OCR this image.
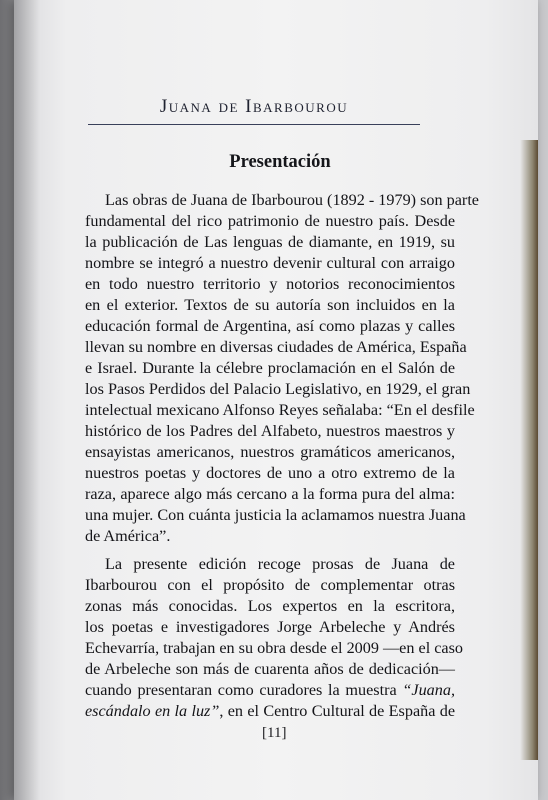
Juana de Ibarbourou
Presentación
Las obras de Juana de Ibarbourou (1892 - 1979) son parte
fundamental del rico patrimonio de nuestro país. Desde
la publicación de Las lenguas de diamante, en 1919, su
nombre se integró a nuestro devenir cultural con arraigo
en todo nuestro territorio y notorios reconocimientos
en el exterior. Textos de su autoría son incluidos en la
educación formal de Argentina, así como plazas y calles
llevan su nombre en diversas ciudades de América, España
e Israel. Durante la célebre proclamación en el Salón de
los Pasos Perdidos del Palacio Legislativo, en 1929, el gran
intelectual mexicano Alfonso Reyes señalaba: “En el desfile
histórico de los Padres del Alfabeto, nuestros maestros y
ensayistas americanos, nuestros gramáticos americanos,
nuestros poetas y doctores de uno a otro extremo de la
raza, aparece algo más cercano a la forma pura del alma:
una mujer. Con cuánta justicia la aclamamos nuestra Juana
de América”.
La presente edición recoge prosas de Juana de
Ibarbourou con el propósito de complementar otras
zonas más conocidas. Los expertos en la escritora,
los poetas e investigadores Jorge Arbeleche y Andrés
Echevarría, trabajan en su obra desde el 2009 —en el caso
de Arbeleche son más de cuarenta años de dedicación—
cuando presentaran como curadores la muestra “Juana,
escándalo en la luz”, en el Centro Cultural de España de
[11]
